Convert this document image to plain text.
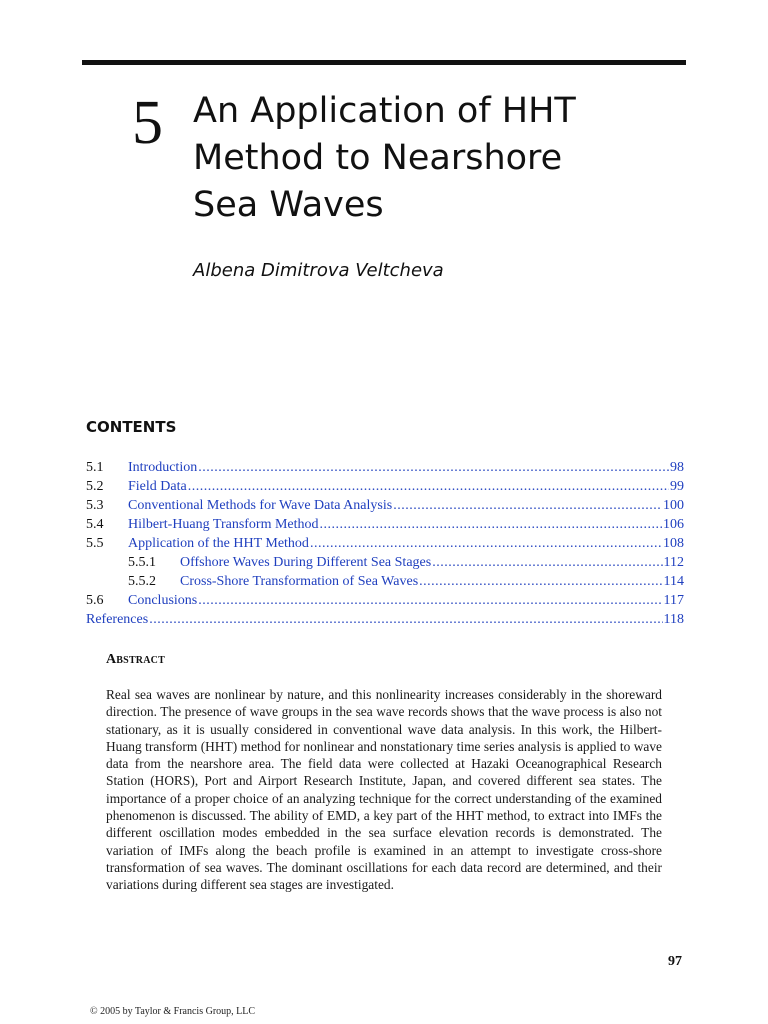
5 An Application of HHT
Method to Nearshore
Sea Waves
Albena Dimitrova Veltcheva
CONTENTS
5.1	Introduction .....	98
5.2	Field Data .....	99
5.3	Conventional Methods for Wave Data Analysis .....	100
5.4	Hilbert-Huang Transform Method .....	106
5.5	Application of the HHT Method .....	108
5.5.1	Offshore Waves During Different Sea Stages .....	112
5.5.2	Cross-Shore Transformation of Sea Waves .....	114
5.6	Conclusions .....	117
References .....	118
Abstract

Real sea waves are nonlinear by nature, and this nonlinearity increases considerably in the shoreward direction. The presence of wave groups in the sea wave records shows that the wave process is also not stationary, as it is usually considered in conventional wave data analysis. In this work, the Hilbert-Huang transform (HHT) method for nonlinear and nonstationary time series analysis is applied to wave data from the nearshore area. The field data were collected at Hazaki Oceanographical Research Station (HORS), Port and Airport Research Institute, Japan, and covered different sea states. The importance of a proper choice of an analyzing technique for the correct understanding of the examined phenomenon is discussed. The ability of EMD, a key part of the HHT method, to extract into IMFs the different oscillation modes embedded in the sea surface elevation records is demonstrated. The variation of IMFs along the beach profile is examined in an attempt to investigate cross-shore transformation of sea waves. The dominant oscillations for each data record are determined, and their variations during different sea stages are investigated.

97
© 2005 by Taylor & Francis Group, LLC
